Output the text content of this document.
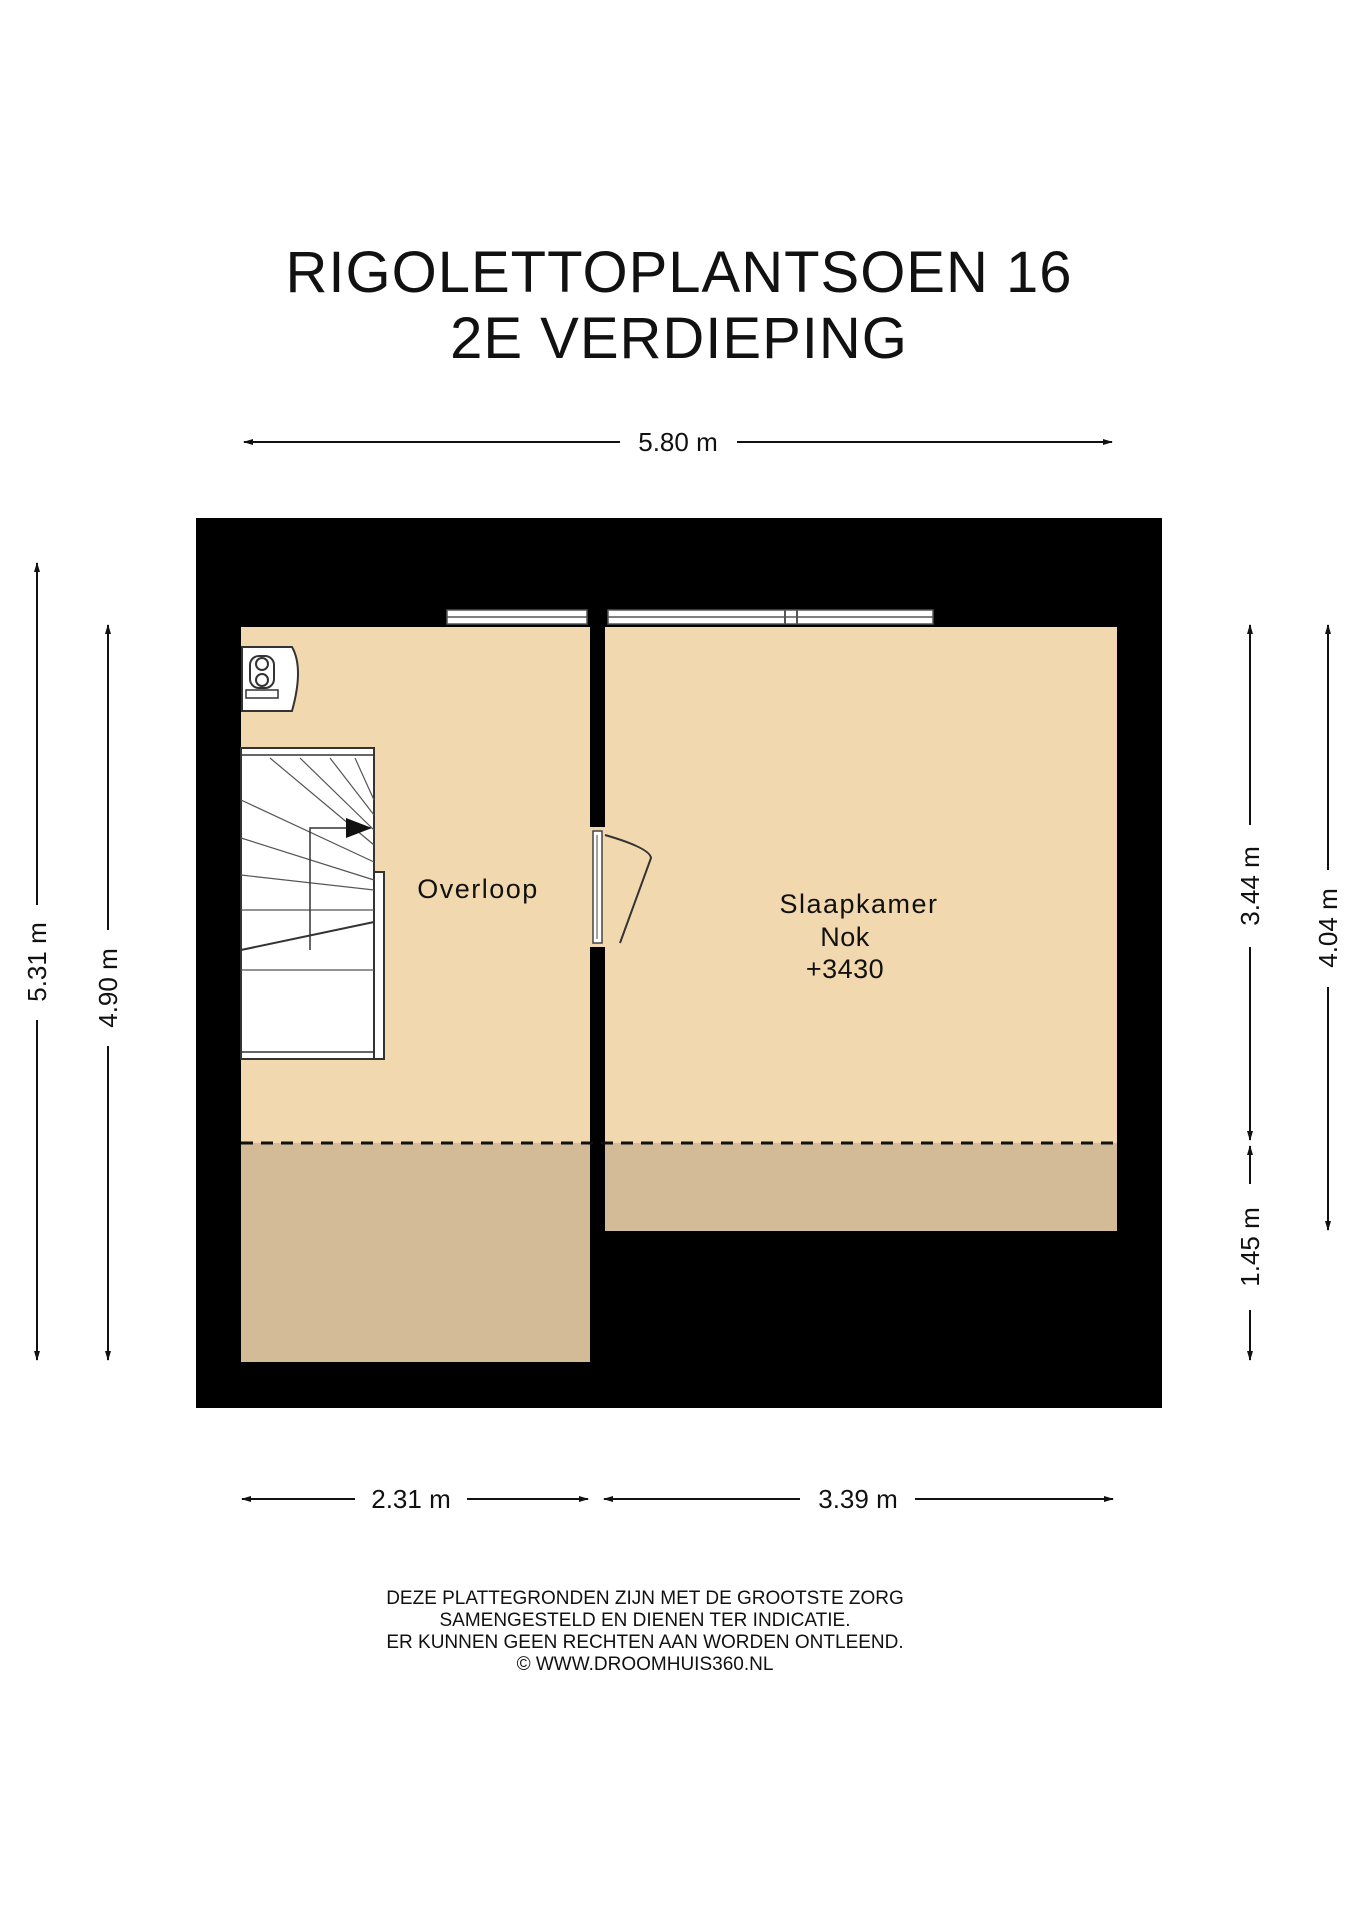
RIGOLETTOPLANTSOEN 16
2E VERDIEPING
5.80 m
5.31 m 4.90 m
3.44 m
1.45 m
4.04 m
2.31 m	3.39 m
Overloop	Slaapkamer
Nok
+3430
DEZE PLATTEGRONDEN ZIJN MET DE GROOTSTE ZORG
SAMENGESTELD EN DIENEN TER INDICATIE.
ER KUNNEN GEEN RECHTEN AAN WORDEN ONTLEEND.
© WWW.DROOMHUIS360.NL
